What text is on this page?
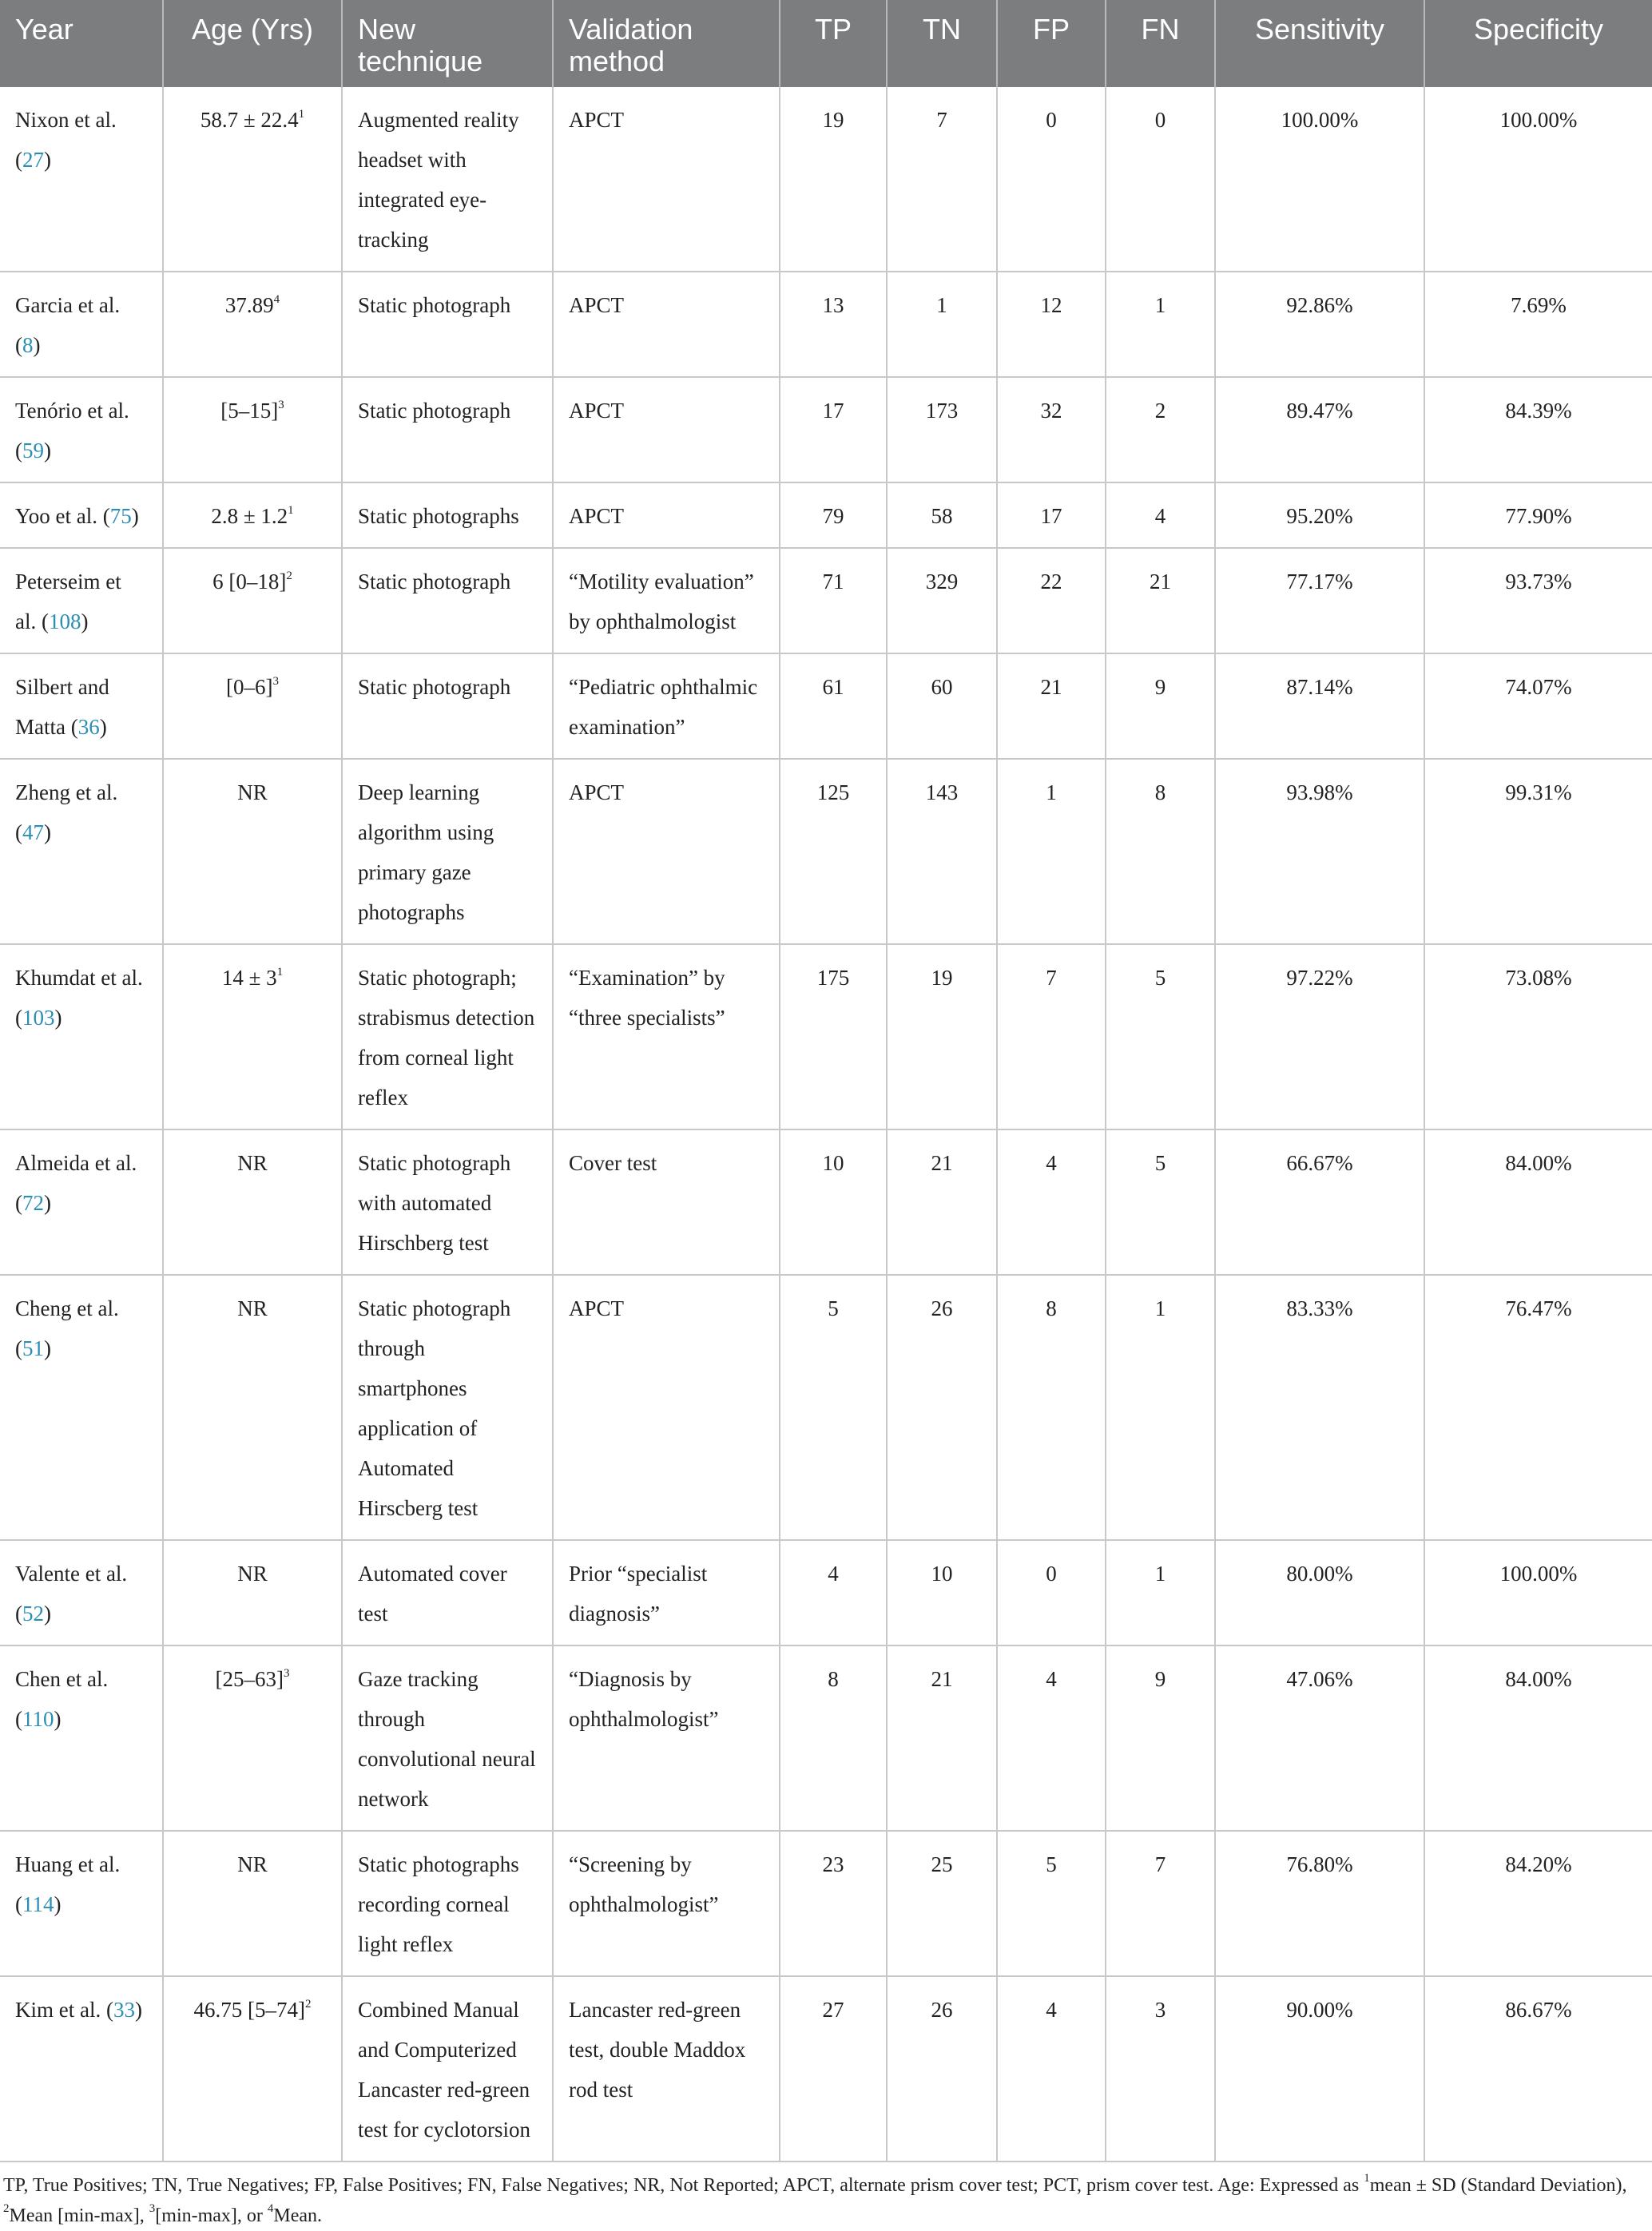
Year	Age (Yrs)	New technique	Validation method	TP	TN	FP	FN	Sensitivity	Specificity
Nixon et al. (27)	$58.7 \pm 22.4^1$	Augmented reality headset with integrated eye-tracking	APCT	19	7	0	0	100.00%	100.00%
Garcia et al. (8)	37.89$^4$	Static photograph	APCT	13	1	12	1	92.86%	7.69%
Tenório et al. (59)	$[5-15]^3$	Static photograph	APCT	17	173	32	2	89.47%	84.39%
Yoo et al. (75)	$2.8 \pm 1.2^1$	Static photographs	APCT	79	58	17	4	95.20%	77.90%
Peterseim et al. (108)	6 $[0-18]^2$	Static photograph	“Motility evaluation” by ophthalmologist	71	329	22	21	77.17%	93.73%
Silbert and Matta (36)	$[0-6]^3$	Static photograph	“Pediatric ophthalmic examination”	61	60	21	9	87.14%	74.07%
Zheng et al. (47)	NR	Deep learning algorithm using primary gaze photographs	APCT	125	143	1	8	93.98%	99.31%
Khumdat et al. (103)	$14 \pm 3^1$	Static photograph; strabismus detection from corneal light reflex	“Examination” by “three specialists”	175	19	7	5	97.22%	73.08%
Almeida et al. (72)	NR	Static photograph with automated Hirschberg test	Cover test	10	21	4	5	66.67%	84.00%
Cheng et al. (51)	NR	Static photograph through smartphones application of Automated Hirscberg test	APCT	5	26	8	1	83.33%	76.47%
Valente et al. (52)	NR	Automated cover test	Prior “specialist diagnosis”	4	10	0	1	80.00%	100.00%
Chen et al. (110)	$[25-63]^3$	Gaze tracking through convolutional neural network	“Diagnosis by ophthalmologist”	8	21	4	9	47.06%	84.00%
Huang et al. (114)	NR	Static photographs recording corneal light reflex	“Screening by ophthalmologist”	23	25	5	7	76.80%	84.20%
Kim et al. (33)	46.75 $[5-74]^2$	Combined Manual and Computerized Lancaster red-green test for cyclotorsion	Lancaster red-green test, double Maddox rod test	27	26	4	3	90.00%	86.67%
TP, True Positives; TN, True Negatives; FP, False Positives; FN, False Negatives; NR, Not Reported; APCT, alternate prism cover test; PCT, prism cover test. Age: Expressed as $^1$mean ± SD (Standard Deviation), $^2$Mean [min-max], $^3$[min-max], or $^4$Mean.
